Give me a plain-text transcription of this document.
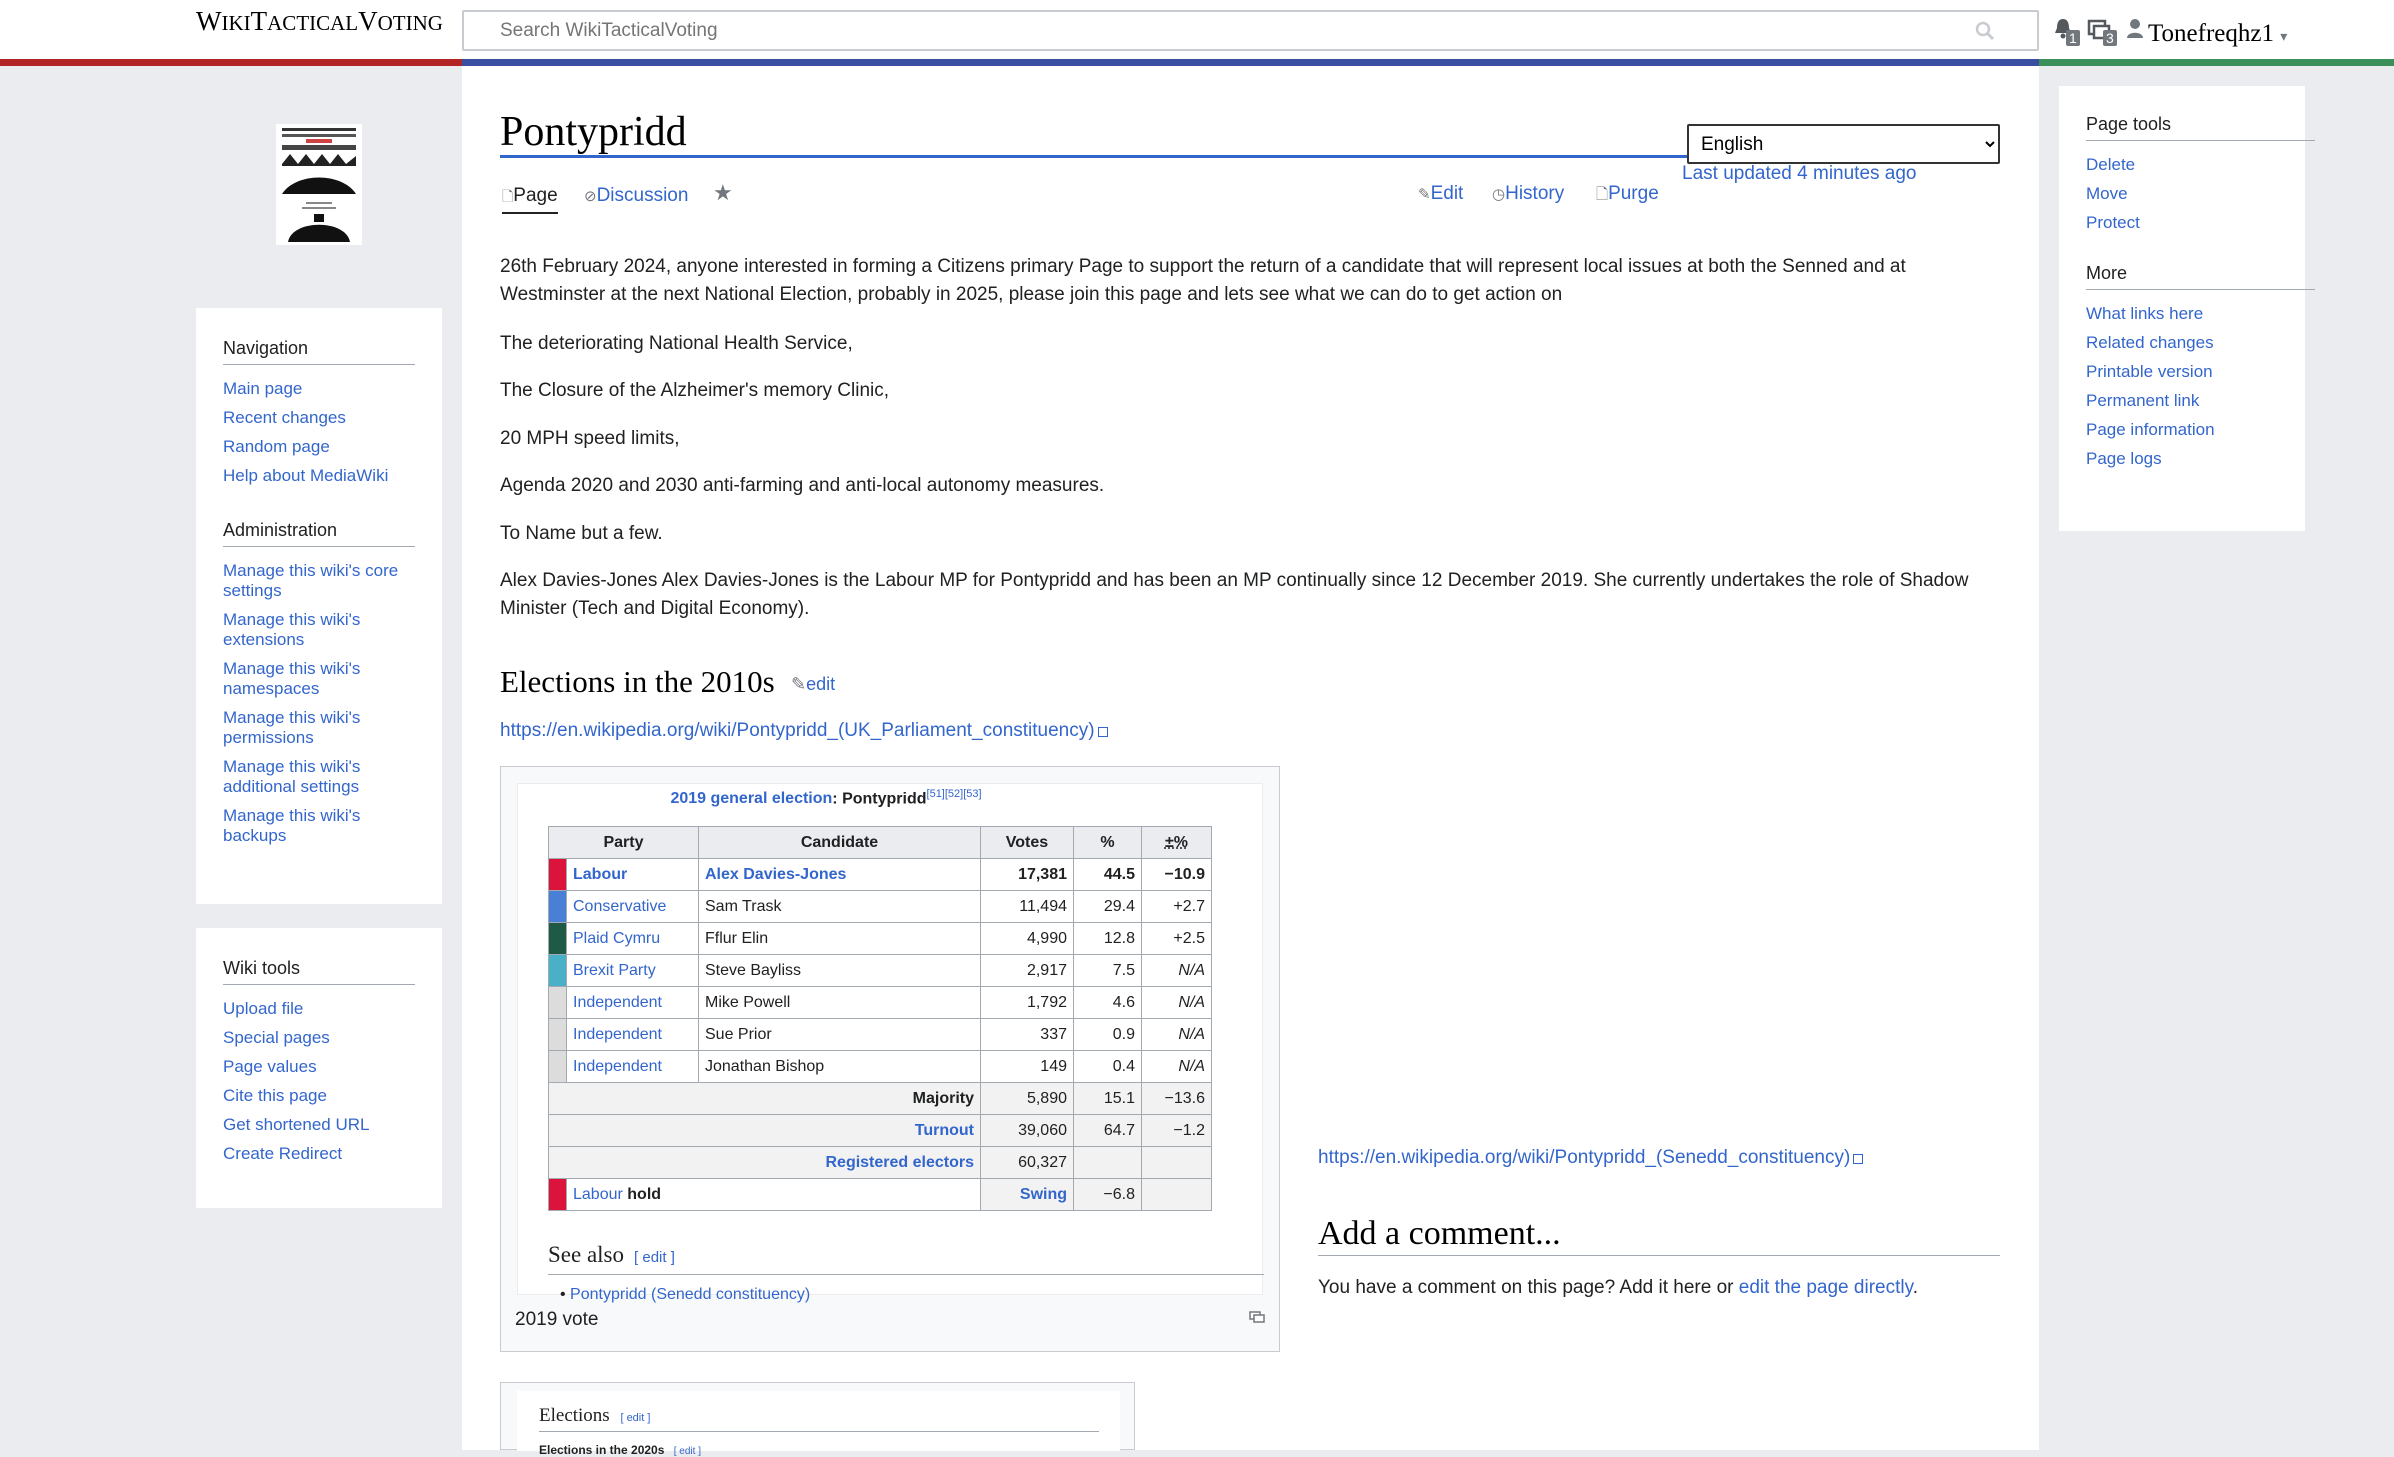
WIKITACTICALVOTING
Search WikiTacticalVoting
1 3 Tonefreqhz1 ▾
Navigation
Main page
Recent changes
Random page
Help about MediaWiki
Administration
Manage this wiki's core settings
Manage this wiki's extensions
Manage this wiki's namespaces
Manage this wiki's permissions
Manage this wiki's additional settings
Manage this wiki's backups
Wiki tools
Upload file
Special pages
Page values
Cite this page
Get shortened URL
Create Redirect
Page tools
Delete
Move
Protect
More
What links here
Related changes
Printable version
Permanent link
Page information
Page logs
Pontypridd
English
Last updated 4 minutes ago
🗋Page ⊘Discussion ★	✎Edit ◷History 🗋Purge
26th February 2024, anyone interested in forming a Citizens primary Page to support the return of a candidate that will represent local issues at both the Senned and at Westminster at the next National Election, probably in 2025, please join this page and lets see what we can do to get action on
The deteriorating National Health Service,
The Closure of the Alzheimer's memory Clinic,
20 MPH speed limits,
Agenda 2020 and 2030 anti-farming and anti-local autonomy measures.
To Name but a few.
Alex Davies-Jones Alex Davies-Jones is the Labour MP for Pontypridd and has been an MP continually since 12 December 2019. She currently undertakes the role of Shadow Minister (Tech and Digital Economy).
Elections in the 2010s ✎edit
https://en.wikipedia.org/wiki/Pontypridd_(UK_Parliament_constituency)
2019 general election: Pontypridd[51][52][53]
Party		Candidate	Votes	%	±%
	Labour	Alex Davies-Jones	17,381	44.5	−10.9
	Conservative	Sam Trask	11,494	29.4	+2.7
	Plaid Cymru	Fflur Elin	4,990	12.8	+2.5
	Brexit Party	Steve Bayliss	2,917	7.5	N/A
	Independent	Mike Powell	1,792	4.6	N/A
	Independent	Sue Prior	337	0.9	N/A
	Independent	Jonathan Bishop	149	0.4	N/A
Majority			5,890	15.1	−13.6
Turnout			39,060	64.7	−1.2
Registered electors			60,327		
	Labour hold		Swing	−6.8	
See also [ edit ]
• Pontypridd (Senedd constituency)
2019 vote
https://en.wikipedia.org/wiki/Pontypridd_(Senedd_constituency)
Add a comment...
You have a comment on this page? Add it here or edit the page directly.
Elections [ edit ]
Elections in the 2020s [ edit ]
